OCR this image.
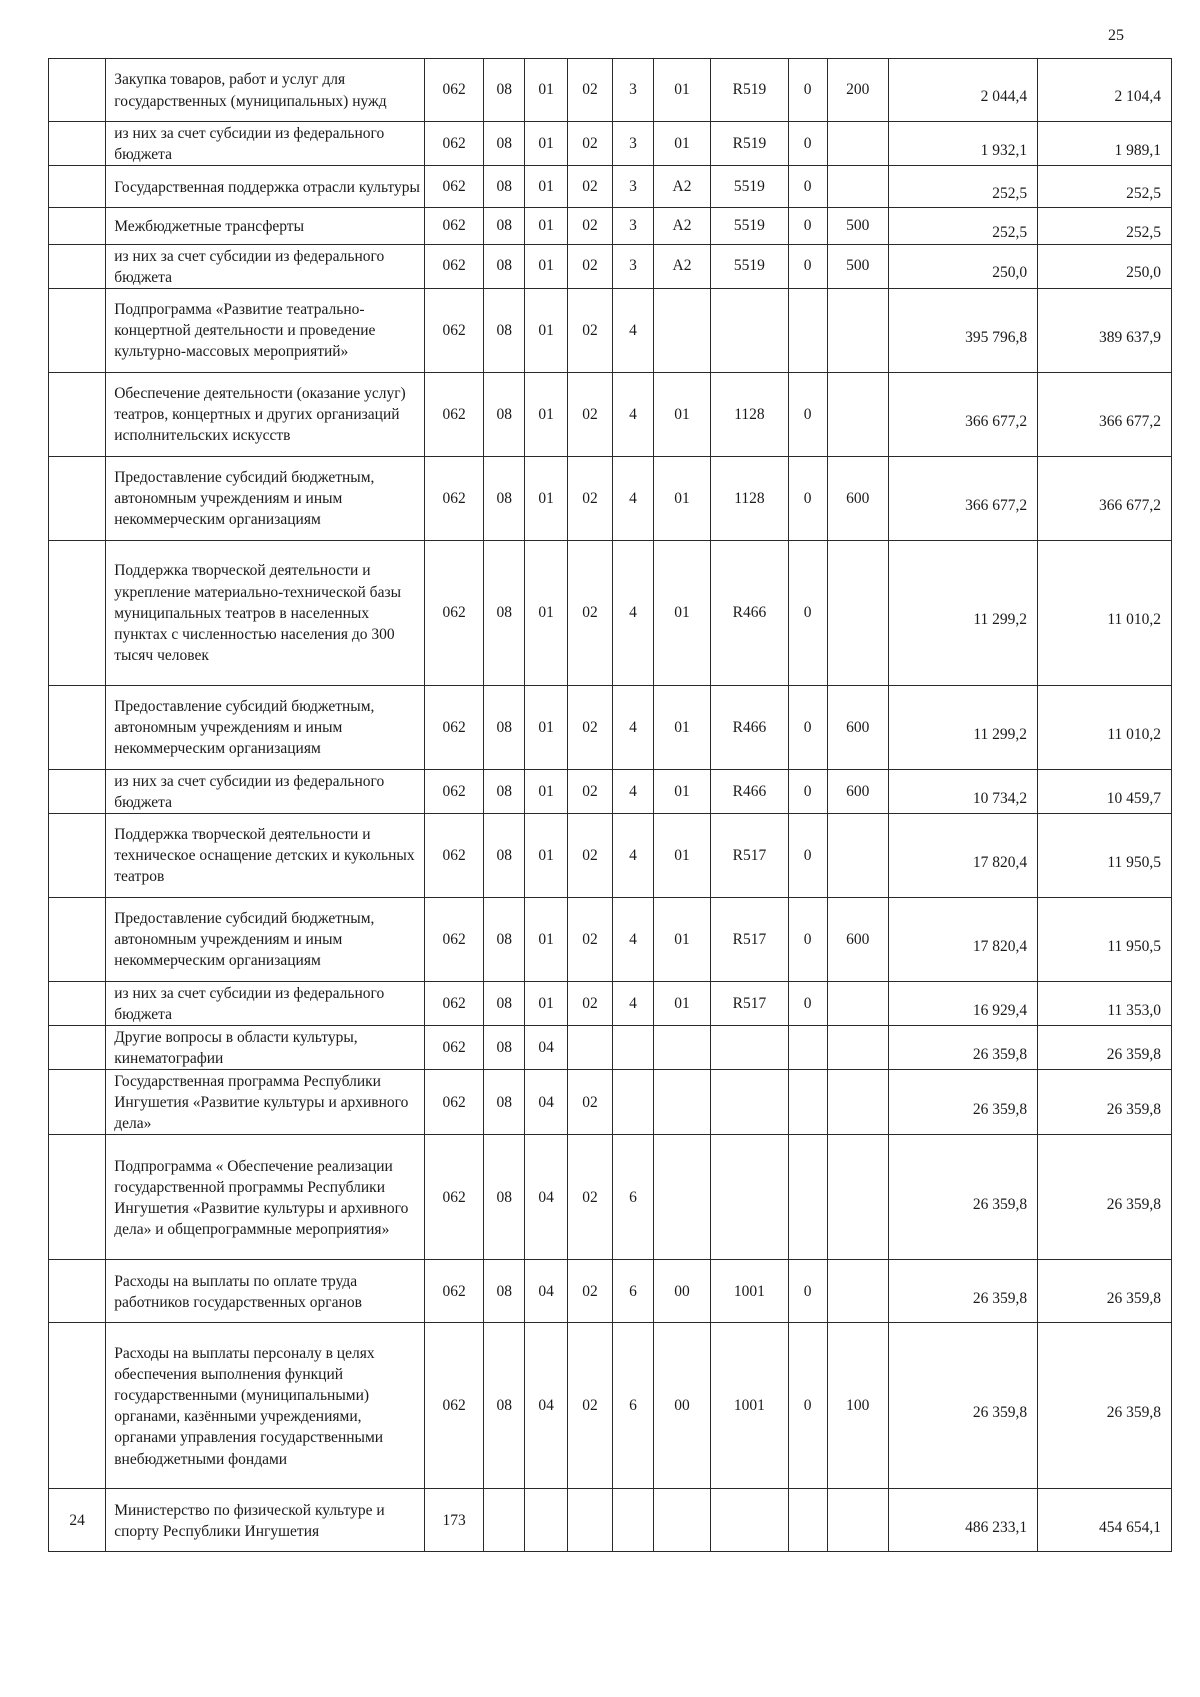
25
	Закупка товаров, работ и услуг для государственных (муниципальных) нужд	062	08	01	02	3	01	R519	0	200	2 044,4	2 104,4
	из них за счет субсидии из федерального бюджета	062	08	01	02	3	01	R519	0		1 932,1	1 989,1
	Государственная поддержка отрасли культуры	062	08	01	02	3	А2	5519	0		252,5	252,5
	Межбюджетные трансферты	062	08	01	02	3	А2	5519	0	500	252,5	252,5
	из них за счет субсидии из федерального бюджета	062	08	01	02	3	А2	5519	0	500	250,0	250,0
	Подпрограмма «Развитие театрально-концертной деятельности и проведение культурно-массовых мероприятий»	062	08	01	02	4					395 796,8	389 637,9
	Обеспечение деятельности (оказание услуг) театров, концертных и других организаций исполнительских искусств	062	08	01	02	4	01	1128	0		366 677,2	366 677,2
	Предоставление субсидий бюджетным, автономным учреждениям и иным некоммерческим организациям	062	08	01	02	4	01	1128	0	600	366 677,2	366 677,2
	Поддержка творческой деятельности и укрепление материально-технической базы муниципальных театров в населенных пунктах с численностью населения до 300 тысяч человек	062	08	01	02	4	01	R466	0		11 299,2	11 010,2
	Предоставление субсидий бюджетным, автономным учреждениям и иным некоммерческим организациям	062	08	01	02	4	01	R466	0	600	11 299,2	11 010,2
	из них за счет субсидии из федерального бюджета	062	08	01	02	4	01	R466	0	600	10 734,2	10 459,7
	Поддержка творческой деятельности и техническое оснащение детских и кукольных театров	062	08	01	02	4	01	R517	0		17 820,4	11 950,5
	Предоставление субсидий бюджетным, автономным учреждениям и иным некоммерческим организациям	062	08	01	02	4	01	R517	0	600	17 820,4	11 950,5
	из них за счет субсидии из федерального бюджета	062	08	01	02	4	01	R517	0		16 929,4	11 353,0
	Другие вопросы в области культуры, кинематографии	062	08	04							26 359,8	26 359,8
	Государственная программа Республики Ингушетия «Развитие культуры и архивного дела»	062	08	04	02						26 359,8	26 359,8
	Подпрограмма « Обеспечение реализации государственной программы Республики Ингушетия «Развитие культуры и архивного дела» и общепрограммные мероприятия»	062	08	04	02	6					26 359,8	26 359,8
	Расходы на выплаты по оплате труда работников государственных органов	062	08	04	02	6	00	1001	0		26 359,8	26 359,8
	Расходы на выплаты персоналу в целях обеспечения выполнения функций государственными (муниципальными) органами, казёнными учреждениями, органами управления государственными внебюджетными фондами	062	08	04	02	6	00	1001	0	100	26 359,8	26 359,8
24	Министерство по физической культуре и спорту Республики Ингушетия	173									486 233,1	454 654,1
